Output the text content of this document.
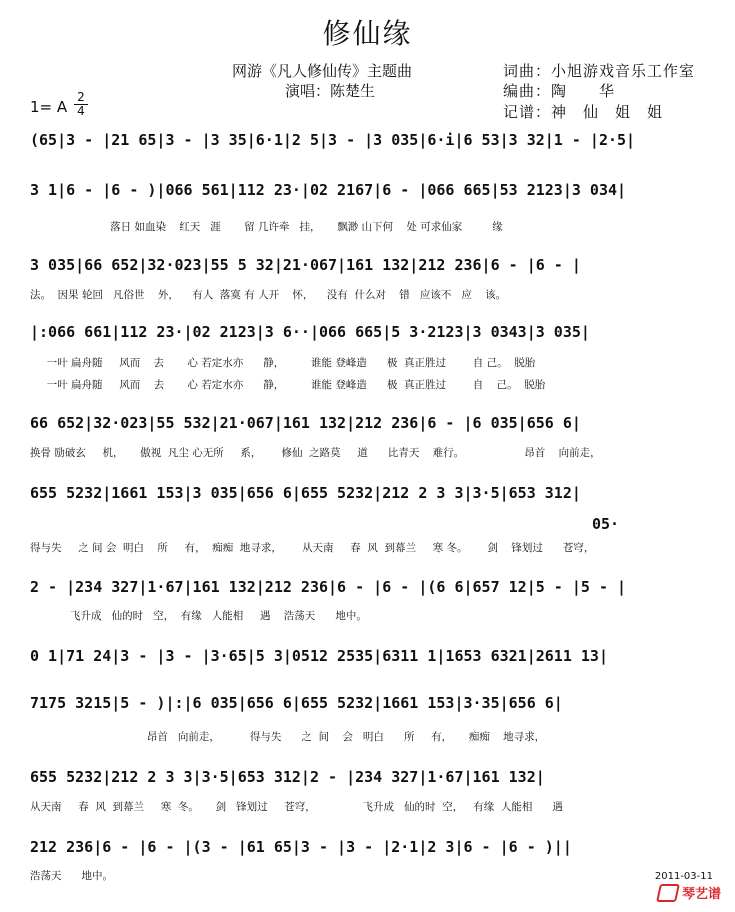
修仙缘
网游《凡人修仙传》主题曲
演唱：陈楚生
词曲：小旭游戏音乐工作室
编曲：陶　　华
记谱：神　仙　姐　姐
1= A $\frac{2}{4}$
(65|3 - |21 65|3 - |3 35|6·1|2 5|3 - |3 035|6·i|6 53|3 32|1 - |2·5|
3 1|6 - |6 - )|066 561|112 23·|02 2167|6 - |066 665|53 2123|3 034|
落日 如血染    红天   涯       留 几许牵   挂，     飘渺 山下何    处 可求仙家         缘
3 035|66 652|32·023|55 5 32|21·067|161 132|212 236|6 - |6 - |
法。  因果 轮回   凡俗世    外，    有人  落寞 有 人开    怀，    没有  什么对    错   应该不   应    该。
|:066 661|112 23·|02 2123|3 6··|066 665|5 3·2123|3 0343|3 035|
一叶 扁舟随     风而    去       心 若定水亦      静，        谁能 登峰造      极  真正胜过        自 己。  脱胎
一叶 扁舟随     风而    去       心 若定水亦      静，        谁能 登峰造      极  真正胜过        自    己。  脱胎
66 652|32·023|55 532|21·067|161 132|212 236|6 - |6 035|656 6|
换骨 励破玄     机，     傲视  凡尘 心无所     系，      修仙  之路莫     道      比青天    难行。                  昂首    向前走，
655 5232|1661 153|3 035|656 6|655 5232|212 2 3 3|3·5|653 312|
05·
得与失     之 间 会  明白    所     有，  痴痴  地寻求，      从天南     春  风  到幕兰     寒 冬。      剑    锋划过      苍穹，
2 - |234 327|1·67|161 132|212 236|6 - |6 - |(6 6|657 12|5 - |5 - |
飞升成   仙的时   空，  有缘   人能相     遇    浩荡天      地中。
0 1|71 24|3 - |3 - |3·65|5 3|0512 2535|6311 1|1653 6321|2611 13|
7175 3215|5 - )|:|6 035|656 6|655 5232|1661 153|3·35|656 6|
昂首   向前走，         得与失      之  间    会   明白      所     有，     痴痴    地寻求，
655 5232|212 2 3 3|3·5|653 312|2 - |234 327|1·67|161 132|
从天南     春  风  到幕兰     寒  冬。     剑   锋划过     苍穹，              飞升成   仙的时  空，   有缘  人能相      遇
212 236|6 - |6 - |(3 - |61 65|3 - |3 - |2·1|2 3|6 - |6 - )||
浩荡天      地中。	2011-03-11
琴艺谱
